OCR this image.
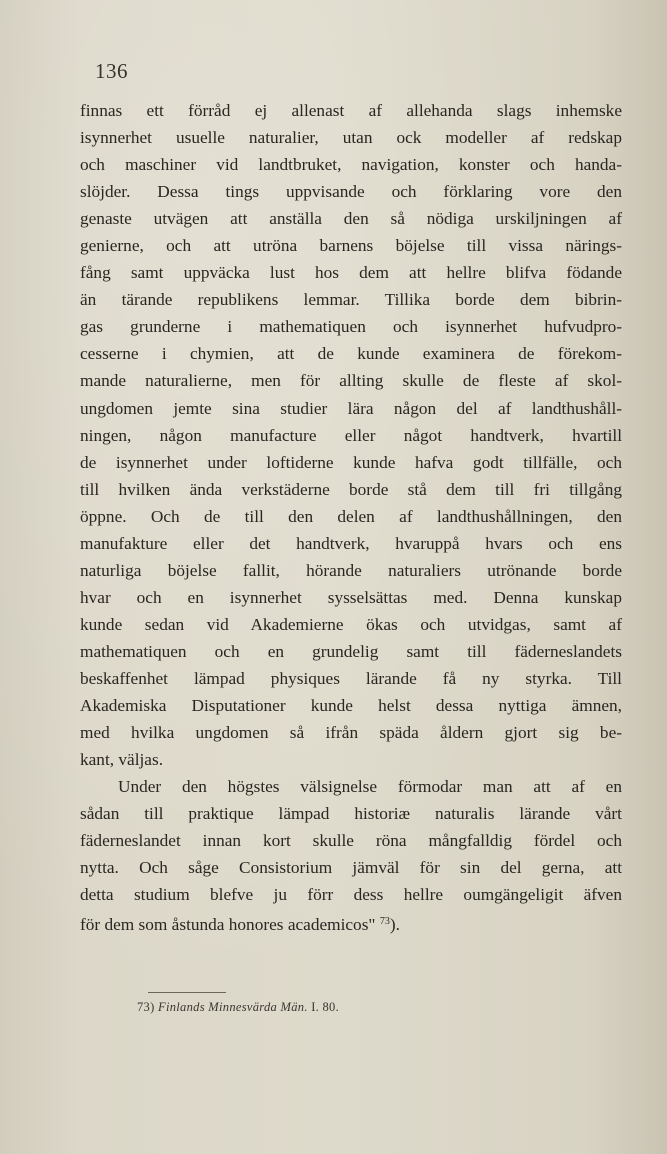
136

finnas ett förråd ej allenast af allehanda slags inhemske
isynnerhet usuelle naturalier, utan ock modeller af redskap
och maschiner vid landtbruket, navigation, konster och handa-
slöjder. Dessa tings uppvisande och förklaring vore den
genaste utvägen att anställa den så nödiga urskiljningen af
genierne, och att utröna barnens böjelse till vissa närings-
fång samt uppväcka lust hos dem att hellre blifva födande
än tärande republikens lemmar. Tillika borde dem bibrin-
gas grunderne i mathematiquen och isynnerhet hufvudpro-
cesserne i chymien, att de kunde examinera de förekom-
mande naturalierne, men för allting skulle de fleste af skol-
ungdomen jemte sina studier lära någon del af landthushåll-
ningen, någon manufacture eller något handtverk, hvartill
de isynnerhet under loftiderne kunde hafva godt tillfälle, och
till hvilken ända verkstäderne borde stå dem till fri tillgång
öppne. Och de till den delen af landthushållningen, den
manufakture eller det handtverk, hvaruppå hvars och ens
naturliga böjelse fallit, hörande naturaliers utrönande borde
hvar och en isynnerhet sysselsättas med. Denna kunskap
kunde sedan vid Akademierne ökas och utvidgas, samt af
mathematiquen och en grundelig samt till fäderneslandets
beskaffenhet lämpad physiques lärande få ny styrka. Till
Akademiska Disputationer kunde helst dessa nyttiga ämnen,
med hvilka ungdomen så ifrån späda åldern gjort sig be-
kant, väljas.

Under den högstes välsignelse förmodar man att af en
sådan till praktique lämpad historiæ naturalis lärande vårt
fäderneslandet innan kort skulle röna mångfalldig fördel och
nytta. Och såge Consistorium jämväl för sin del gerna, att
detta studium blefve ju förr dess hellre oumgängeligit äfven
för dem som åstunda honores academicos" $^{73}$).

73) Finlands Minnesvärda Män. I. 80.
